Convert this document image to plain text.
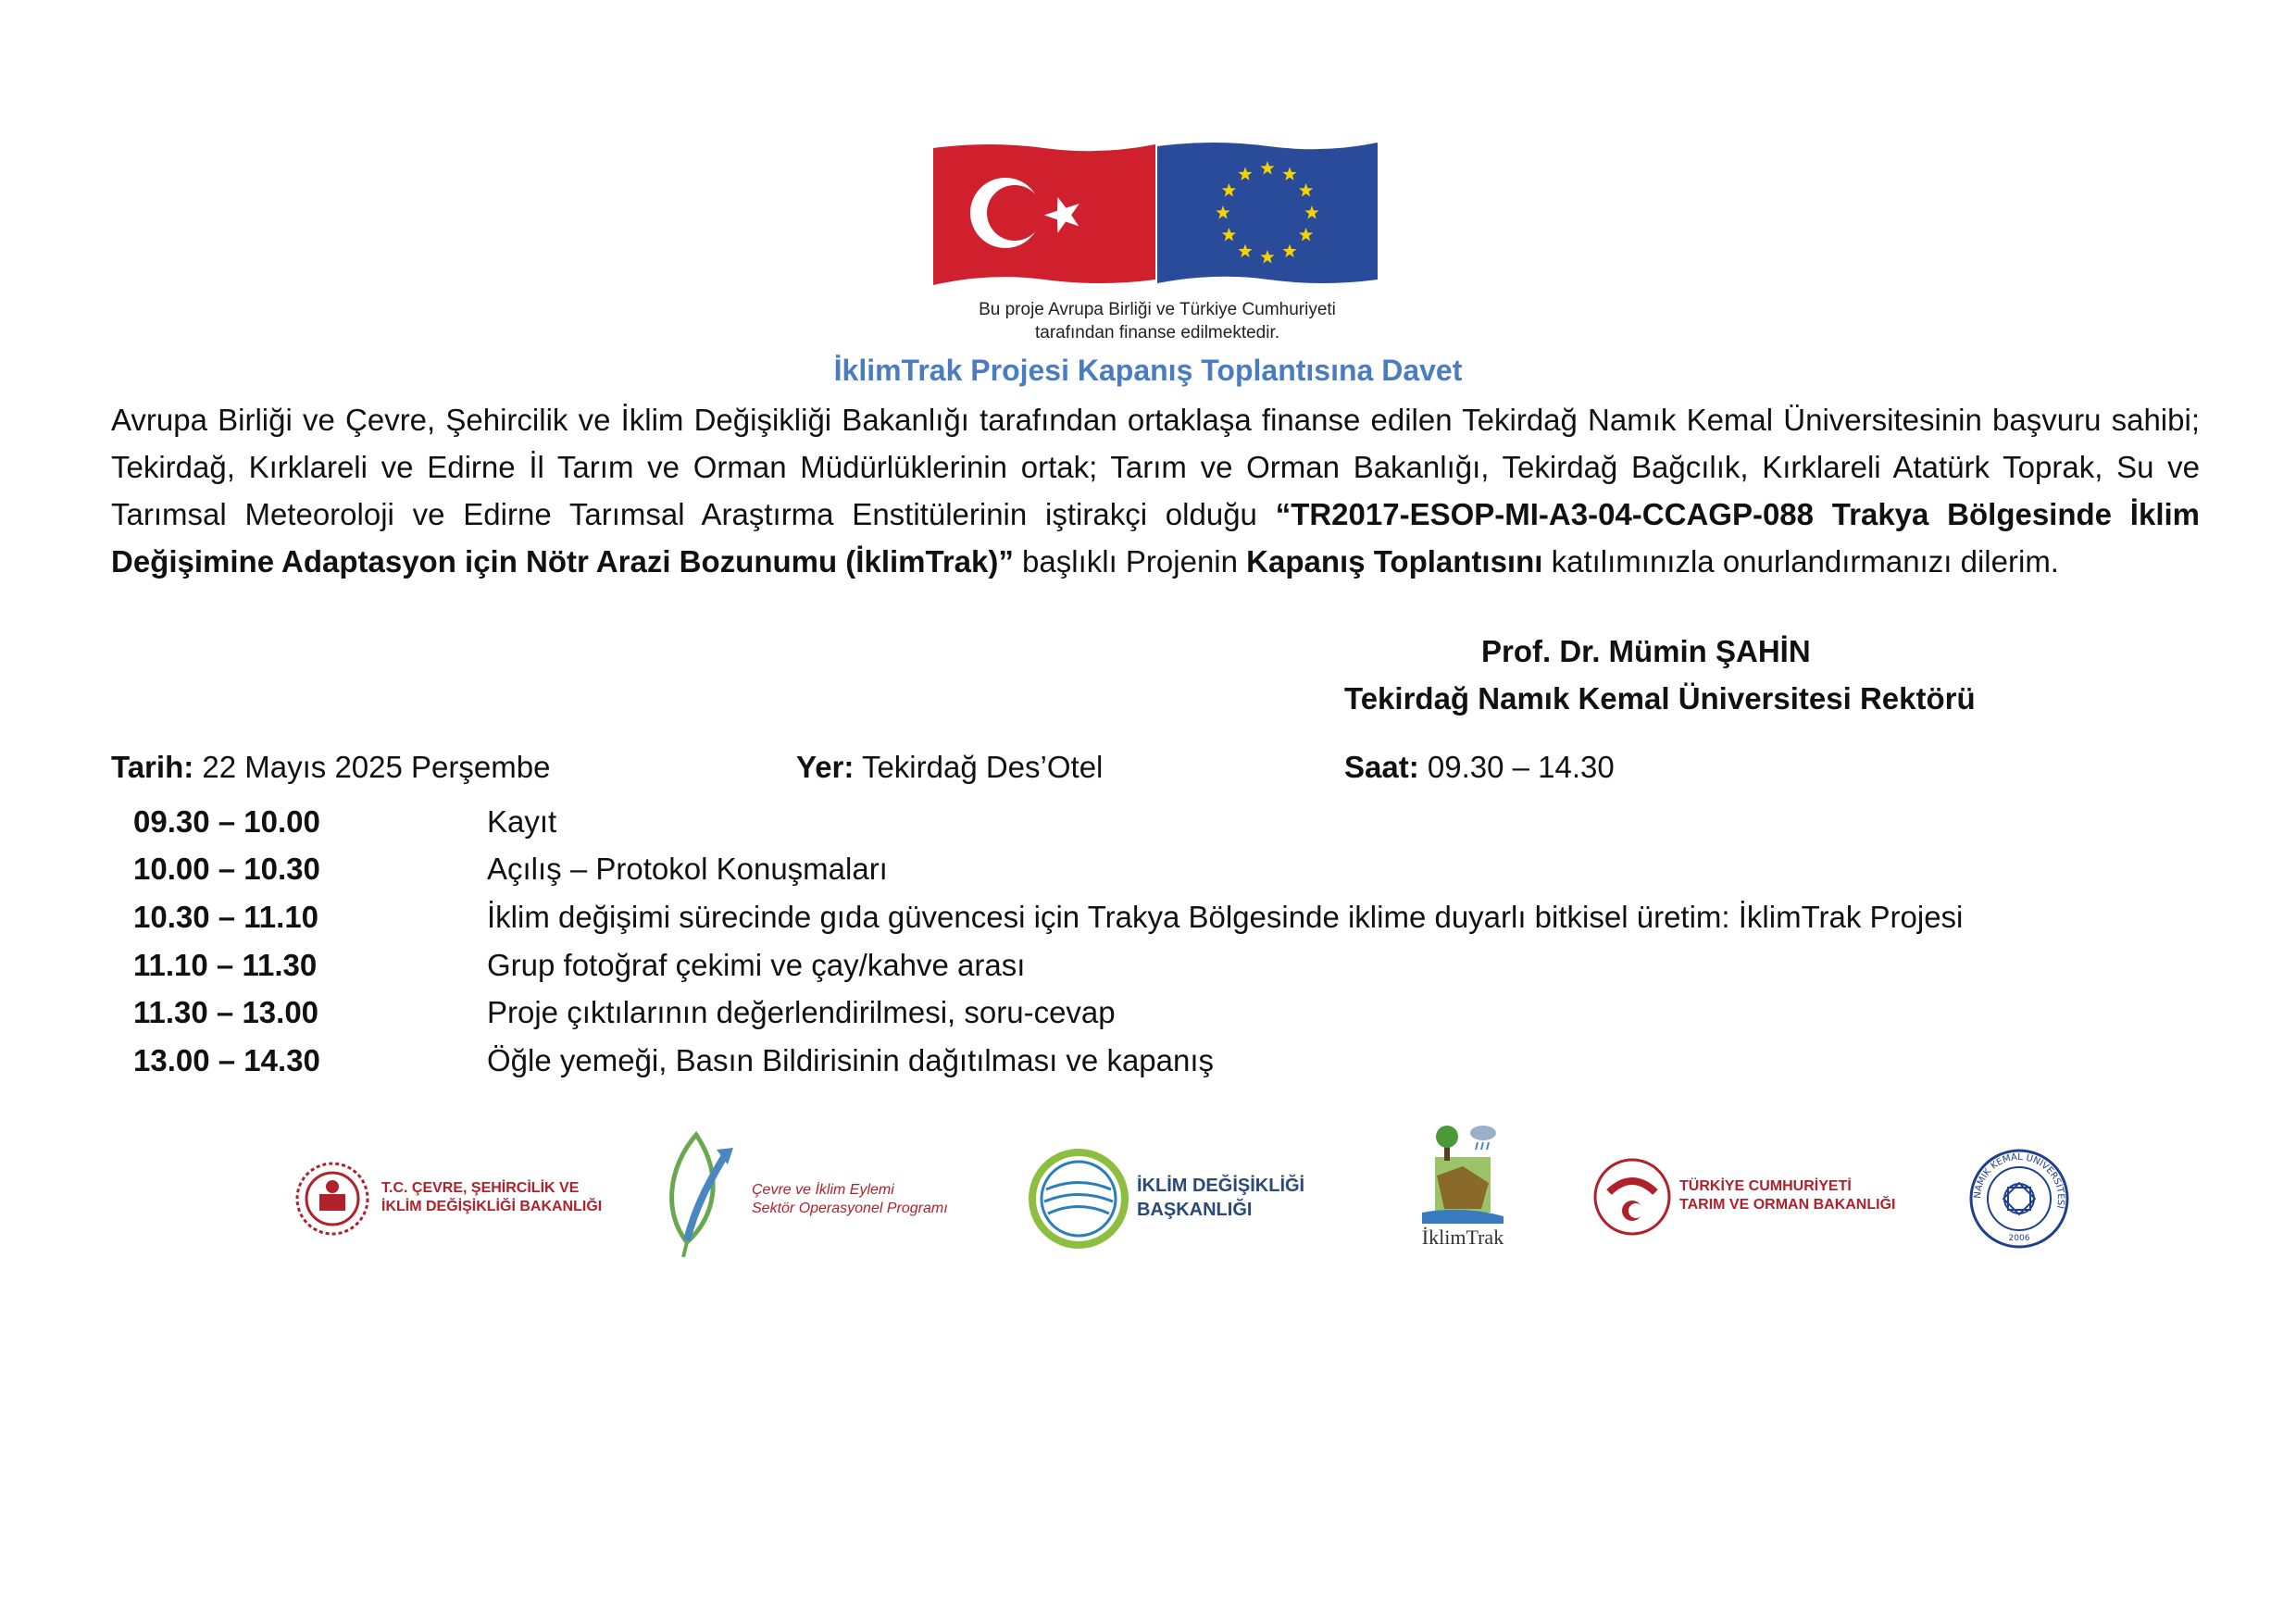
Bu proje Avrupa Birliği ve Türkiye Cumhuriyeti
tarafından finanse edilmektedir.
İklimTrak Projesi Kapanış Toplantısına Davet
Avrupa Birliği ve Çevre, Şehircilik ve İklim Değişikliği Bakanlığı tarafından ortaklaşa finanse edilen Tekirdağ Namık Kemal Üniversitesinin başvuru sahibi; Tekirdağ, Kırklareli ve Edirne İl Tarım ve Orman Müdürlüklerinin ortak; Tarım ve Orman Bakanlığı, Tekirdağ Bağcılık, Kırklareli Atatürk Toprak, Su ve Tarımsal Meteoroloji ve Edirne Tarımsal Araştırma Enstitülerinin iştirakçi olduğu “TR2017-ESOP-MI-A3-04-CCAGP-088 Trakya Bölgesinde İklim Değişimine Adaptasyon için Nötr Arazi Bozunumu (İklimTrak)” başlıklı Projenin Kapanış Toplantısını katılımınızla onurlandırmanızı dilerim.
Prof. Dr. Mümin ŞAHİN
Tekirdağ Namık Kemal Üniversitesi Rektörü
Tarih: 22 Mayıs 2025 Perşembe	Yer: Tekirdağ Des’Otel	Saat: 09.30 – 14.30
09.30 – 10.00	Kayıt
10.00 – 10.30	Açılış – Protokol Konuşmaları
10.30 – 11.10	İklim değişimi sürecinde gıda güvencesi için Trakya Bölgesinde iklime duyarlı bitkisel üretim: İklimTrak Projesi
11.10 – 11.30	Grup fotoğraf çekimi ve çay/kahve arası
11.30 – 13.00	Proje çıktılarının değerlendirilmesi, soru-cevap
13.00 – 14.30	Öğle yemeği, Basın Bildirisinin dağıtılması ve kapanış
T.C. ÇEVRE, ŞEHİRCİLİK VE
İKLİM DEĞİŞİKLİĞİ BAKANLIĞI
Çevre ve İklim Eylemi
Sektör Operasyonel Programı
İKLİM DEĞİŞİKLİĞİ
BAŞKANLIĞI
İklimTrak
TÜRKİYE CUMHURİYETİ
TARIM VE ORMAN BAKANLIĞI
NAMIK KEMAL ÜNİVERSİTESİ
2006
